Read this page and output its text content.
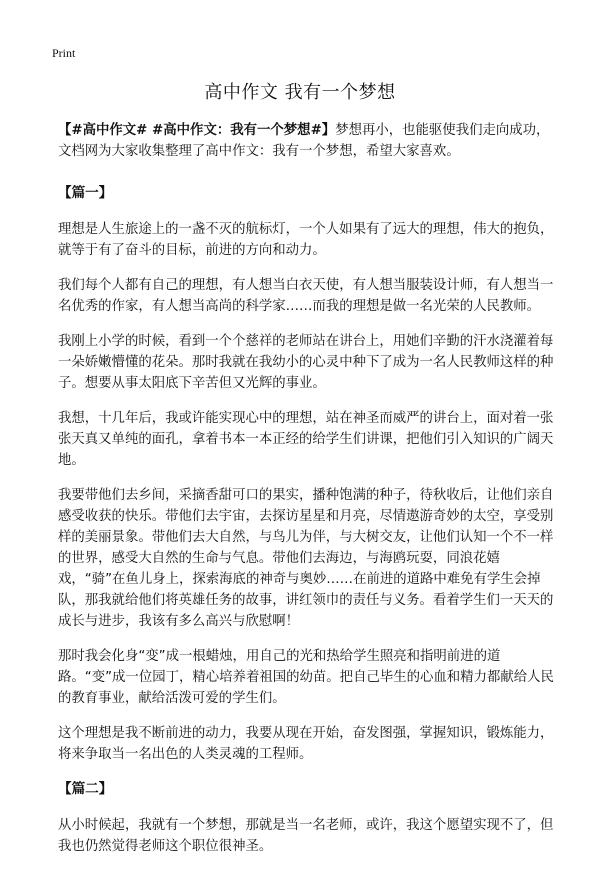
Print
高中作文 我有一个梦想

【#高中作文# #高中作文：我有一个梦想#】梦想再小，也能驱使我们走向成功，文档网为大家收集整理了高中作文：我有一个梦想，希望大家喜欢。

【篇一】

理想是人生旅途上的一盏不灭的航标灯，一个人如果有了远大的理想，伟大的抱负，就等于有了奋斗的目标，前进的方向和动力。

我们每个人都有自己的理想，有人想当白衣天使，有人想当服装设计师，有人想当一名优秀的作家，有人想当高尚的科学家……而我的理想是做一名光荣的人民教师。

我刚上小学的时候，看到一个个慈祥的老师站在讲台上，用她们辛勤的汗水浇灌着每一朵娇嫩懵懂的花朵。那时我就在我幼小的心灵中种下了成为一名人民教师这样的种子。想要从事太阳底下辛苦但又光辉的事业。

我想，十几年后，我或许能实现心中的理想，站在神圣而威严的讲台上，面对着一张张天真又单纯的面孔，拿着书本一本正经的给学生们讲课，把他们引入知识的广阔天地。

我要带他们去乡间，采摘香甜可口的果实，播种饱满的种子，待秋收后，让他们亲自感受收获的快乐。带他们去宇宙，去探访星星和月亮，尽情遨游奇妙的太空，享受别样的美丽景象。带他们去大自然，与鸟儿为伴，与大树交友，让他们认知一个不一样的世界，感受大自然的生命与气息。带他们去海边，与海鸥玩耍，同浪花嬉戏，“骑”在鱼儿身上，探索海底的神奇与奥妙……在前进的道路中难免有学生会掉队，那我就给他们将英雄任务的故事，讲红领巾的责任与义务。看着学生们一天天的成长与进步，我该有多么高兴与欣慰啊！

那时我会化身“变”成一根蜡烛，用自己的光和热给学生照亮和指明前进的道路。“变”成一位园丁，精心培养着祖国的幼苗。把自己毕生的心血和精力都献给人民的教育事业，献给活泼可爱的学生们。

这个理想是我不断前进的动力，我要从现在开始，奋发图强，掌握知识，锻炼能力，将来争取当一名出色的人类灵魂的工程师。

【篇二】

从小时候起，我就有一个梦想，那就是当一名老师，或许，我这个愿望实现不了，但我也仍然觉得老师这个职位很神圣。
